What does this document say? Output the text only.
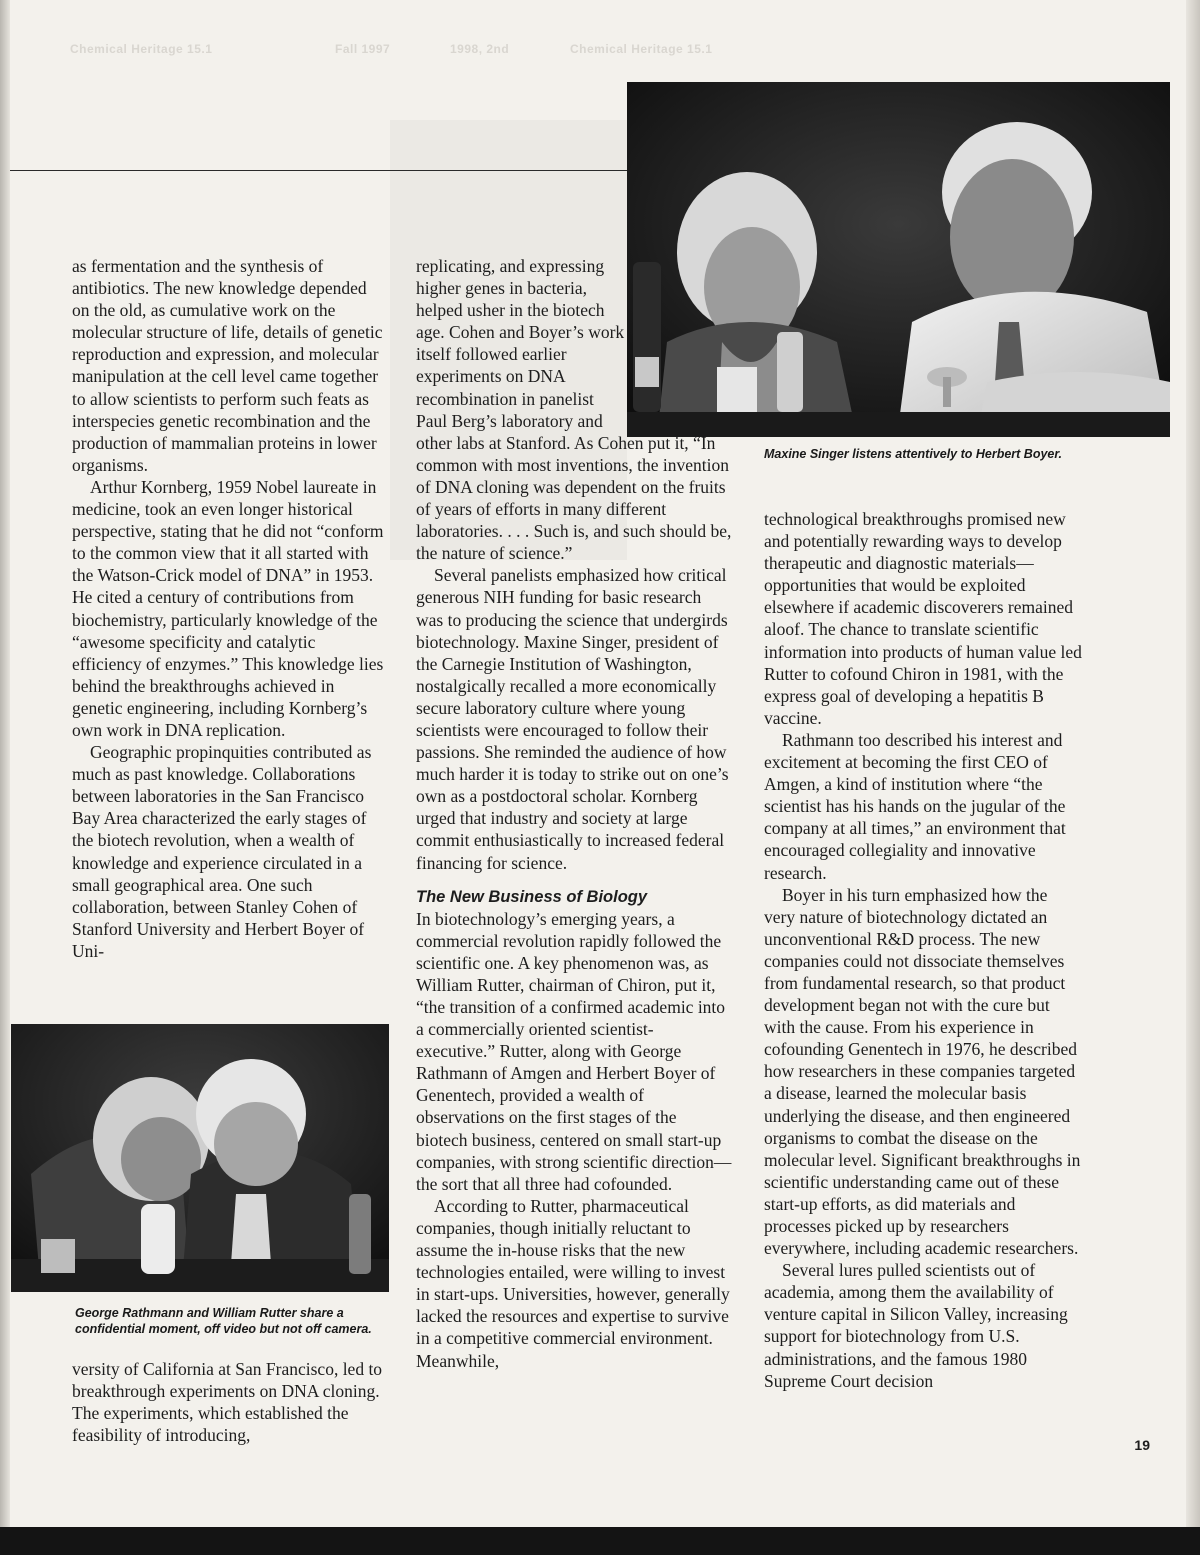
Chemical Heritage 15.1	Fall 1997	1998, 2nd	Chemical Heritage 15.1
Maxine Singer listens attentively to Herbert Boyer.
George Rathmann and William Rutter share a confidential moment, off video but not off camera.

as fermentation and the synthesis of antibiotics. The new knowledge depended on the old, as cumulative work on the molecular structure of life, details of genetic reproduction and expression, and molecular manipulation at the cell level came together to allow scientists to perform such feats as interspecies genetic recombination and the production of mammalian proteins in lower organisms.

Arthur Kornberg, 1959 Nobel laureate in medicine, took an even longer historical perspective, stating that he did not “conform to the common view that it all started with the Watson-Crick model of DNA” in 1953. He cited a century of contributions from biochemistry, particularly knowledge of the “awesome specificity and catalytic efficiency of enzymes.” This knowledge lies behind the breakthroughs achieved in genetic engineering, including Kornberg’s own work in DNA replication.

Geographic propinquities contributed as much as past knowledge. Collaborations between laboratories in the San Francisco Bay Area characterized the early stages of the biotech revolution, when a wealth of knowledge and experience circulated in a small geographical area. One such collaboration, between Stanley Cohen of Stanford University and Herbert Boyer of Uni-

versity of California at San Francisco, led to breakthrough experiments on DNA cloning. The experiments, which established the feasibility of introducing,

replicating, and expressing higher genes in bacteria, helped usher in the biotech age. Cohen and Boyer’s work itself followed earlier experiments on DNA recombination in panelist Paul Berg’s laboratory and other labs at Stanford. As Cohen put it, “In common with most inventions, the invention of DNA cloning was dependent on the fruits of years of efforts in many different laboratories. . . . Such is, and such should be, the nature of science.”

Several panelists emphasized how critical generous NIH funding for basic research was to producing the science that undergirds biotechnology. Maxine Singer, president of the Carnegie Institution of Washington, nostalgically recalled a more economically secure laboratory culture where young scientists were encouraged to follow their passions. She reminded the audience of how much harder it is today to strike out on one’s own as a postdoctoral scholar. Kornberg urged that industry and society at large commit enthusiastically to increased federal financing for science.

The New Business of Biology

In biotechnology’s emerging years, a commercial revolution rapidly followed the scientific one. A key phenomenon was, as William Rutter, chairman of Chiron, put it, “the transition of a confirmed academic into a commercially oriented scientist-executive.” Rutter, along with George Rathmann of Amgen and Herbert Boyer of Genentech, provided a wealth of observations on the first stages of the biotech business, centered on small start-up companies, with strong scientific direction—the sort that all three had cofounded.

According to Rutter, pharmaceutical companies, though initially reluctant to assume the in-house risks that the new technologies entailed, were willing to invest in start-ups. Universities, however, generally lacked the resources and expertise to survive in a competitive commercial environment. Meanwhile,

technological breakthroughs promised new and potentially rewarding ways to develop therapeutic and diagnostic materials—opportunities that would be exploited elsewhere if academic discoverers remained aloof. The chance to translate scientific information into products of human value led Rutter to cofound Chiron in 1981, with the express goal of developing a hepatitis B vaccine.

Rathmann too described his interest and excitement at becoming the first CEO of Amgen, a kind of institution where “the scientist has his hands on the jugular of the company at all times,” an environment that encouraged collegiality and innovative research.

Boyer in his turn emphasized how the very nature of biotechnology dictated an unconventional R&D process. The new companies could not dissociate themselves from fundamental research, so that product development began not with the cure but with the cause. From his experience in cofounding Genentech in 1976, he described how researchers in these companies targeted a disease, learned the molecular basis underlying the disease, and then engineered organisms to combat the disease on the molecular level. Significant breakthroughs in scientific understanding came out of these start-up efforts, as did materials and processes picked up by researchers everywhere, including academic researchers.

Several lures pulled scientists out of academia, among them the availability of venture capital in Silicon Valley, increasing support for biotechnology from U.S. administrations, and the famous 1980 Supreme Court decision

19
